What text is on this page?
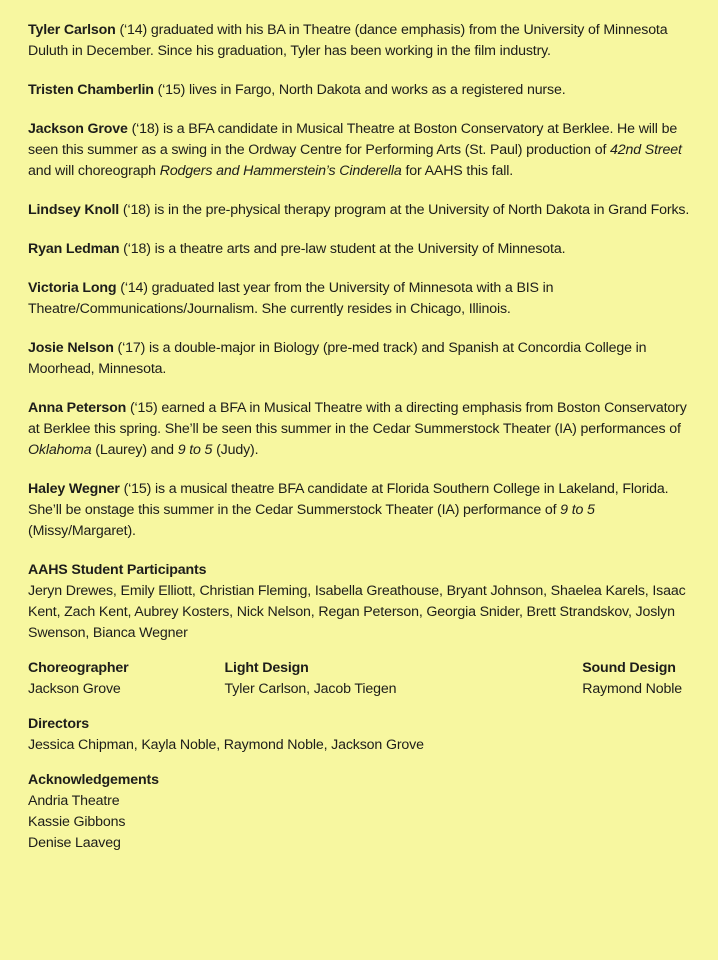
Tyler Carlson (‘14) graduated with his BA in Theatre (dance emphasis) from the University of Minnesota Duluth in December. Since his graduation, Tyler has been working in the film industry.

Tristen Chamberlin (‘15) lives in Fargo, North Dakota and works as a registered nurse.

Jackson Grove (‘18) is a BFA candidate in Musical Theatre at Boston Conservatory at Berklee. He will be seen this summer as a swing in the Ordway Centre for Performing Arts (St. Paul) production of 42nd Street and will choreograph Rodgers and Hammerstein’s Cinderella for AAHS this fall.

Lindsey Knoll (‘18) is in the pre-physical therapy program at the University of North Dakota in Grand Forks.

Ryan Ledman (‘18) is a theatre arts and pre-law student at the University of Minnesota.

Victoria Long (‘14) graduated last year from the University of Minnesota with a BIS in Theatre/Communications/Journalism. She currently resides in Chicago, Illinois.

Josie Nelson (‘17) is a double-major in Biology (pre-med track) and Spanish at Concordia College in Moorhead, Minnesota.

Anna Peterson (‘15) earned a BFA in Musical Theatre with a directing emphasis from Boston Conservatory at Berklee this spring. She’ll be seen this summer in the Cedar Summerstock Theater (IA) performances of Oklahoma (Laurey) and 9 to 5 (Judy).

Haley Wegner (‘15) is a musical theatre BFA candidate at Florida Southern College in Lakeland, Florida. She’ll be onstage this summer in the Cedar Summerstock Theater (IA) performance of 9 to 5 (Missy/Margaret).

AAHS Student Participants

Jeryn Drewes, Emily Elliott, Christian Fleming, Isabella Greathouse, Bryant Johnson, Shaelea Karels, Isaac Kent, Zach Kent, Aubrey Kosters, Nick Nelson, Regan Peterson, Georgia Snider, Brett Strandskov, Joslyn Swenson, Bianca Wegner

Choreographer
Jackson Grove
Light Design
Tyler Carlson, Jacob Tiegen
Sound Design
Raymond Noble

Directors

Jessica Chipman, Kayla Noble, Raymond Noble, Jackson Grove

Acknowledgements

Andria Theatre
Kassie Gibbons
Denise Laaveg
